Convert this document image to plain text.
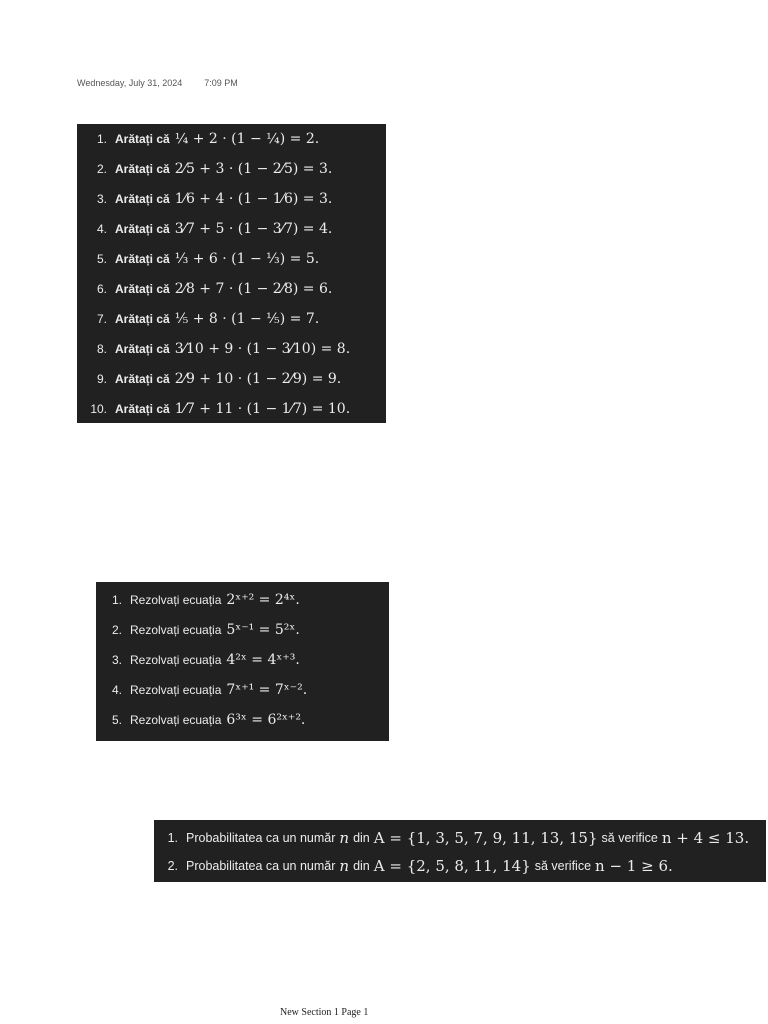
Wednesday, July 31, 2024 7:09 PM
1. Arătați că ¼ + 2 · (1 − ¼) = 2.
2. Arătați că 2⁄5 + 3 · (1 − 2⁄5) = 3.
3. Arătați că 1⁄6 + 4 · (1 − 1⁄6) = 3.
4. Arătați că 3⁄7 + 5 · (1 − 3⁄7) = 4.
5. Arătați că ⅓ + 6 · (1 − ⅓) = 5.
6. Arătați că 2⁄8 + 7 · (1 − 2⁄8) = 6.
7. Arătați că ⅕ + 8 · (1 − ⅕) = 7.
8. Arătați că 3⁄10 + 9 · (1 − 3⁄10) = 8.
9. Arătați că 2⁄9 + 10 · (1 − 2⁄9) = 9.
10. Arătați că 1⁄7 + 11 · (1 − 1⁄7) = 10.
1. Rezolvați ecuația 2ˣ⁺² = 2⁴ˣ.
2. Rezolvați ecuația 5ˣ⁻¹ = 5²ˣ.
3. Rezolvați ecuația 4²ˣ = 4ˣ⁺³.
4. Rezolvați ecuația 7ˣ⁺¹ = 7ˣ⁻².
5. Rezolvați ecuația 6³ˣ = 6²ˣ⁺².
1. Probabilitatea ca un număr n din A = {1, 3, 5, 7, 9, 11, 13, 15} să verifice n + 4 ≤ 13.
2. Probabilitatea ca un număr n din A = {2, 5, 8, 11, 14} să verifice n − 1 ≥ 6.
New Section 1 Page 1
